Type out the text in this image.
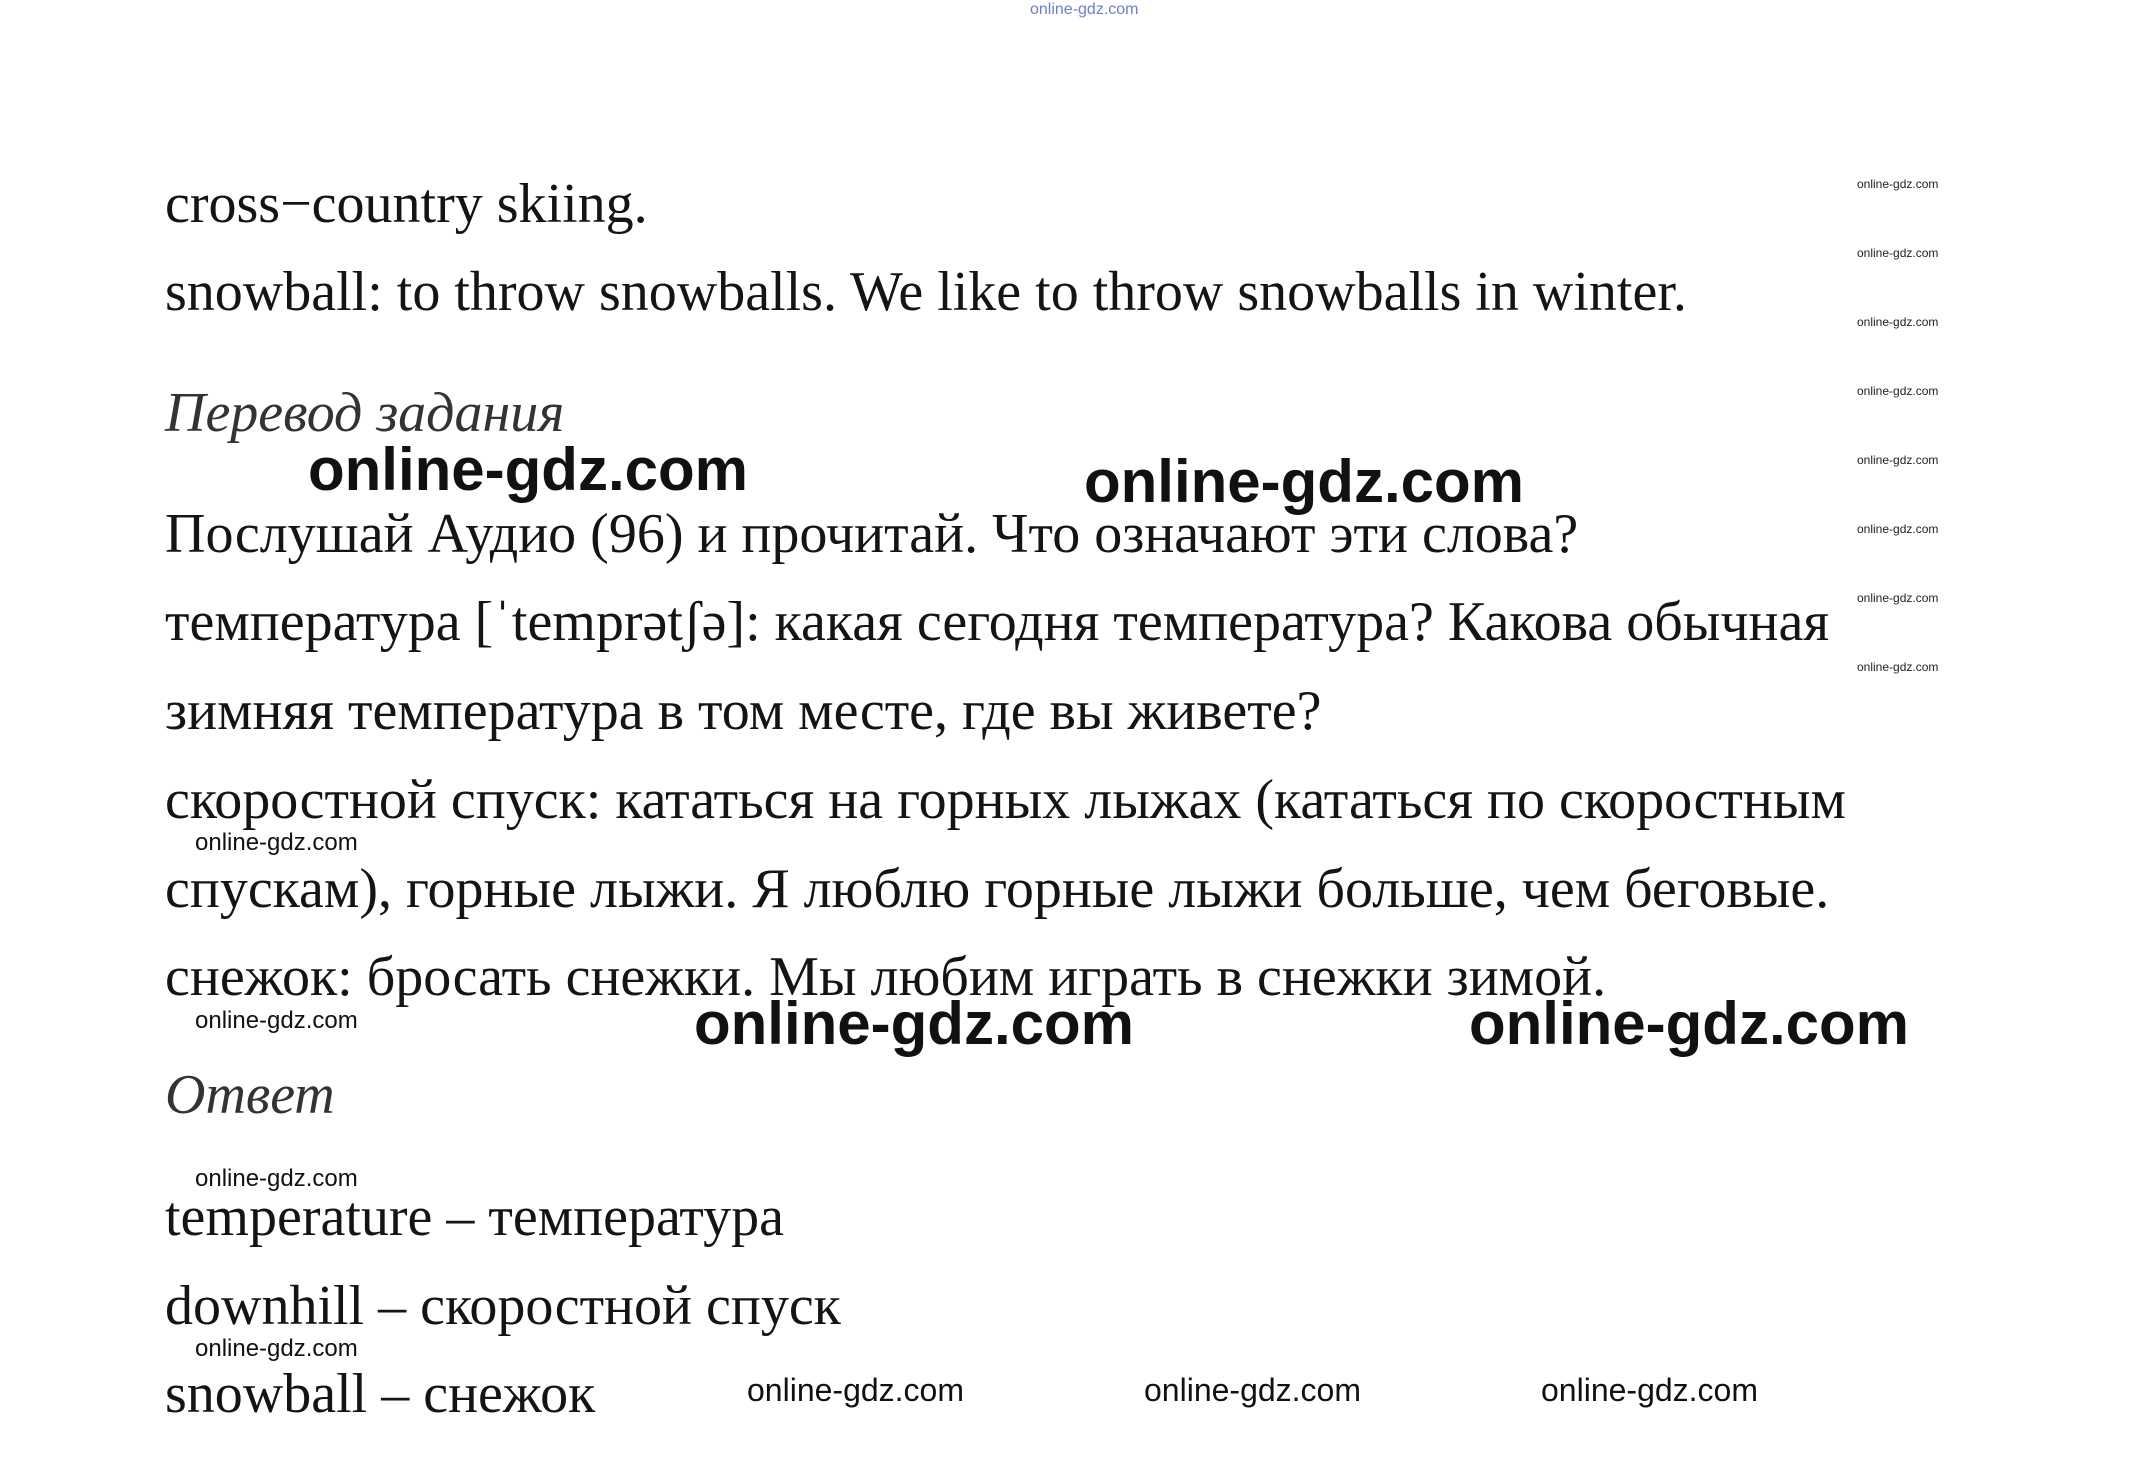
online-gdz.com
online-gdz.com
online-gdz.com
online-gdz.com
online-gdz.com
online-gdz.com
online-gdz.com
online-gdz.com
online-gdz.com

cross−country skiing.

snowball: to throw snowballs. We like to throw snowballs in winter.

Перевод задания

Послушай Аудио (96) и прочитай. Что означают эти слова?

температура [ˈtemprətʃə]: какая сегодня температура? Какова обычная

зимняя температура в том месте, где вы живете?

скоростной спуск: кататься на горных лыжах (кататься по скоростным

спускам), горные лыжи. Я люблю горные лыжи больше, чем беговые.

снежок: бросать снежки. Мы любим играть в снежки зимой.

Ответ

temperature – температура

downhill – скоростной спуск

snowball – снежок

online-gdz.com	online-gdz.com
online-gdz.com	online-gdz.com
online-gdz.com
online-gdz.com
online-gdz.com
online-gdz.com
online-gdz.com	online-gdz.com	online-gdz.com
